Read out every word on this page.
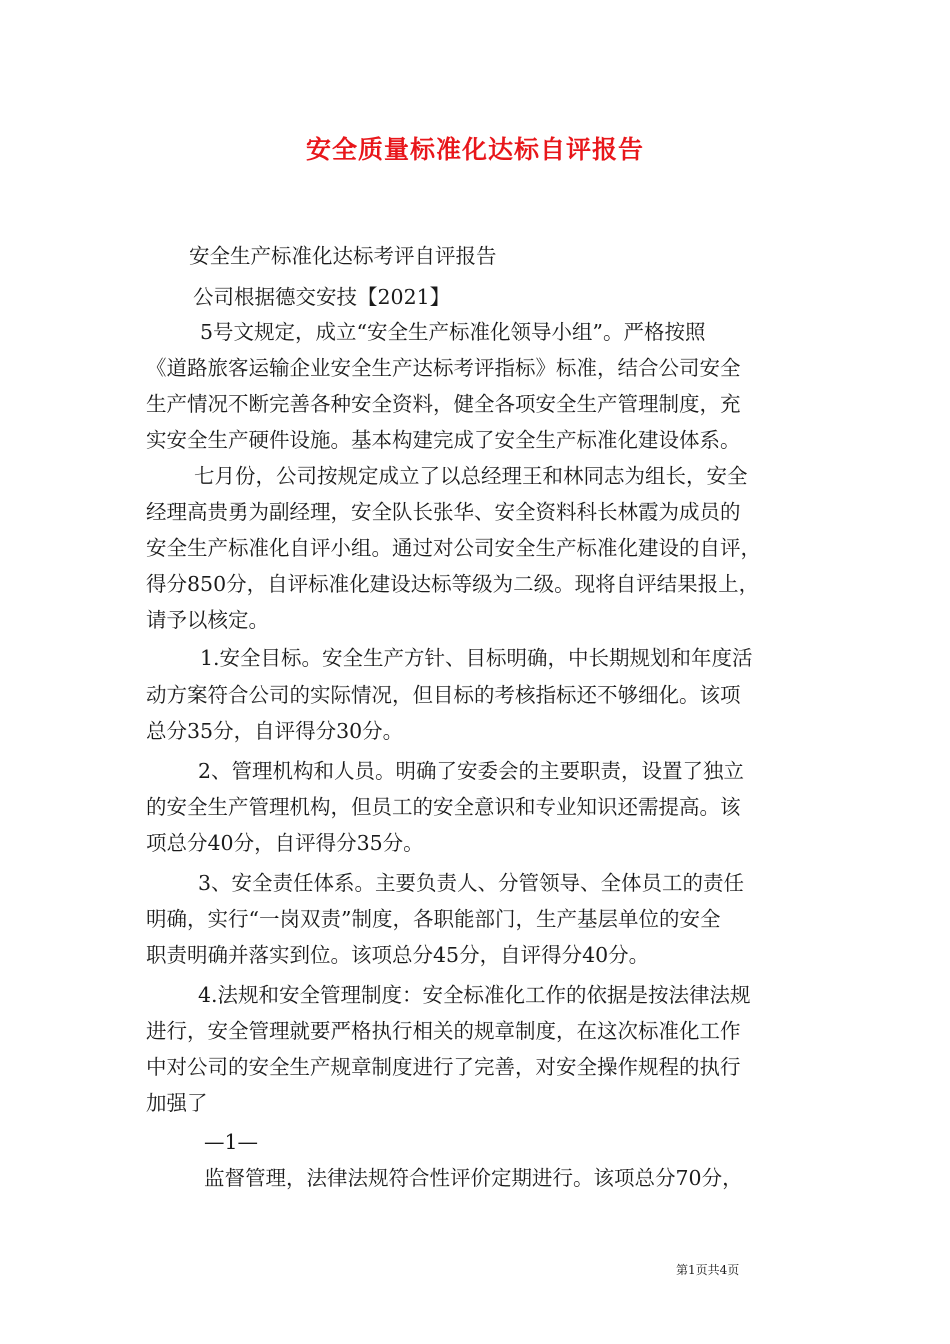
安全质量标准化达标自评报告

安全生产标准化达标考评自评报告

公司根据德交安技【2021】

5号文规定，成立“安全生产标准化领导小组”。严格按照

《道路旅客运输企业安全生产达标考评指标》标准，结合公司安全

生产情况不断完善各种安全资料，健全各项安全生产管理制度，充

实安全生产硬件设施。基本构建完成了安全生产标准化建设体系。

七月份，公司按规定成立了以总经理王和林同志为组长，安全

经理高贵勇为副经理，安全队长张华、安全资料科长林霞为成员的

安全生产标准化自评小组。通过对公司安全生产标准化建设的自评，

得分850分，自评标准化建设达标等级为二级。现将自评结果报上，

请予以核定。

1.安全目标。安全生产方针、目标明确，中长期规划和年度活

动方案符合公司的实际情况，但目标的考核指标还不够细化。该项

总分35分，自评得分30分。

2、管理机构和人员。明确了安委会的主要职责，设置了独立

的安全生产管理机构，但员工的安全意识和专业知识还需提高。该

项总分40分，自评得分35分。

3、安全责任体系。主要负责人、分管领导、全体员工的责任

明确，实行“一岗双责”制度，各职能部门，生产基层单位的安全

职责明确并落实到位。该项总分45分，自评得分40分。

4.法规和安全管理制度：安全标准化工作的依据是按法律法规

进行，安全管理就要严格执行相关的规章制度，在这次标准化工作

中对公司的安全生产规章制度进行了完善，对安全操作规程的执行

加强了

—1—

监督管理，法律法规符合性评价定期进行。该项总分70分，

第1页共4页
